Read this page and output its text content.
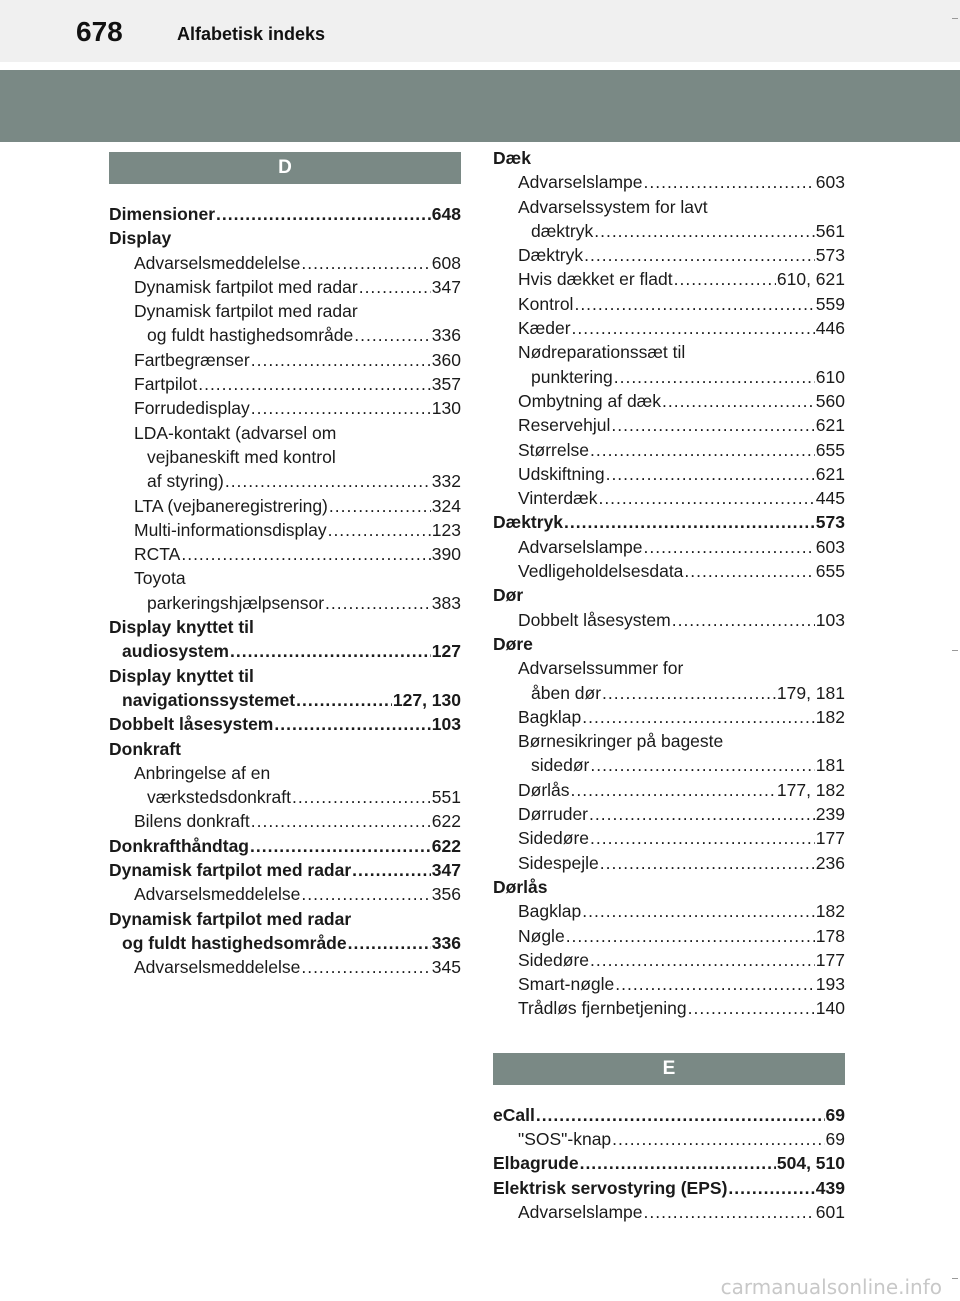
678	Alfabetisk indeks
D
Dimensioner .....	648
Display
Advarselsmeddelelse .....	608
Dynamisk fartpilot med radar .....	347
Dynamisk fartpilot med radar
og fuldt hastighedsområde .....	336
Fartbegrænser .....	360
Fartpilot .....	357
Forrudedisplay .....	130
LDA-kontakt (advarsel om
vejbaneskift med kontrol
af styring) .....	332
LTA (vejbaneregistrering) .....	324
Multi-informationsdisplay .....	123
RCTA .....	390
Toyota
parkeringshjælpsensor .....	383
Display knyttet til
audiosystem .....	127
Display knyttet til
navigationssystemet .....	127, 130
Dobbelt låsesystem .....	103
Donkraft
Anbringelse af en
værkstedsdonkraft .....	551
Bilens donkraft .....	622
Donkrafthåndtag .....	622
Dynamisk fartpilot med radar .....	347
Advarselsmeddelelse .....	356
Dynamisk fartpilot med radar
og fuldt hastighedsområde .....	336
Advarselsmeddelelse .....	345
Dæk
Advarselslampe .....	603
Advarselssystem for lavt
dæktryk .....	561
Dæktryk .....	573
Hvis dækket er fladt .....	610, 621
Kontrol .....	559
Kæder .....	446
Nødreparationssæt til
punktering .....	610
Ombytning af dæk .....	560
Reservehjul .....	621
Størrelse .....	655
Udskiftning .....	621
Vinterdæk .....	445
Dæktryk .....	573
Advarselslampe .....	603
Vedligeholdelsesdata .....	655
Dør
Dobbelt låsesystem .....	103
Døre
Advarselssummer for
åben dør .....	179, 181
Bagklap .....	182
Børnesikringer på bageste
sidedør .....	181
Dørlås .....	177, 182
Dørruder .....	239
Sidedøre .....	177
Sidespejle .....	236
Dørlås
Bagklap .....	182
Nøgle .....	178
Sidedøre .....	177
Smart-nøgle .....	193
Trådløs fjernbetjening .....	140
E
eCall .....	69
"SOS"-knap .....	69
Elbagrude .....	504, 510
Elektrisk servostyring (EPS) .....	439
Advarselslampe .....	601
carmanualsonline.info
